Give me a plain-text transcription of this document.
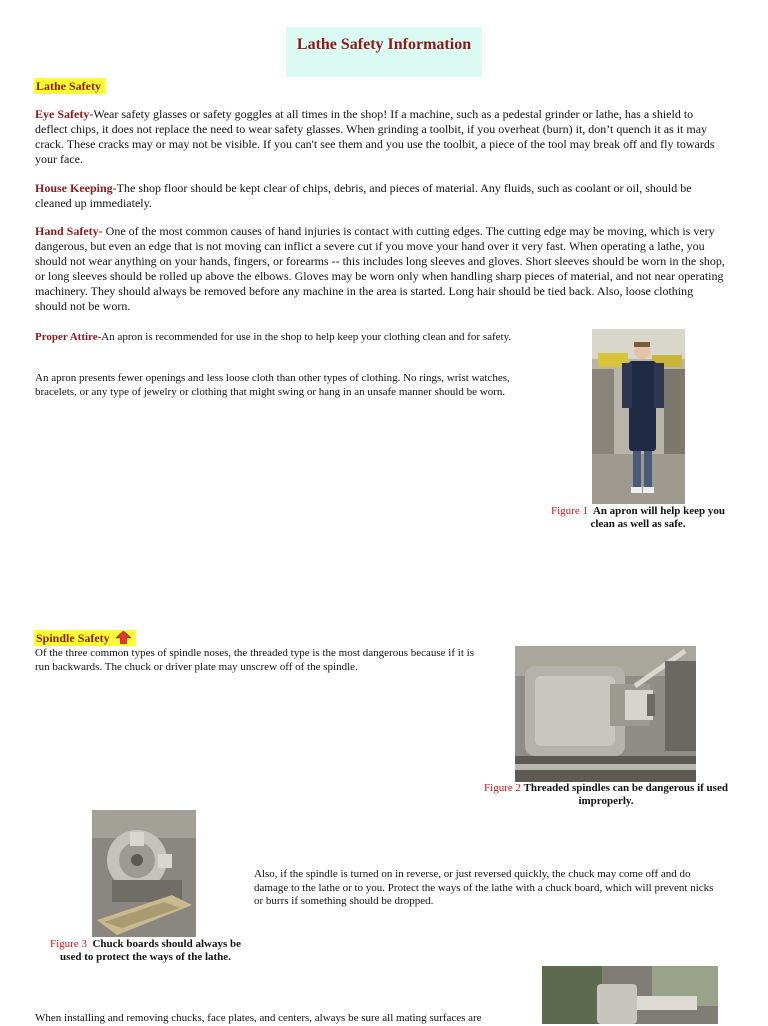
Lathe Safety Information
Lathe Safety
Eye Safety-Wear safety glasses or safety goggles at all times in the shop! If a machine, such as a pedestal grinder or lathe, has a shield to deflect chips, it does not replace the need to wear safety glasses. When grinding a toolbit, if you overheat (burn) it, don’t quench it as it may crack. These cracks may or may not be visible. If you can't see them and you use the toolbit, a piece of the tool may break off and fly towards your face.
House Keeping-The shop floor should be kept clear of chips, debris, and pieces of material. Any fluids, such as coolant or oil, should be cleaned up immediately.
Hand Safety- One of the most common causes of hand injuries is contact with cutting edges. The cutting edge may be moving, which is very dangerous, but even an edge that is not moving can inflict a severe cut if you move your hand over it very fast. When operating a lathe, you should not wear anything on your hands, fingers, or forearms -- this includes long sleeves and gloves. Short sleeves should be worn in the shop, or long sleeves should be rolled up above the elbows. Gloves may be worn only when handling sharp pieces of material, and not near operating machinery. They should always be removed before any machine in the area is started. Long hair should be tied back. Also, loose clothing should not be worn.
Proper Attire-An apron is recommended for use in the shop to help keep your clothing clean and for safety.
An apron presents fewer openings and less loose cloth than other types of clothing. No rings, wrist watches, bracelets, or any type of jewelry or clothing that might swing or hang in an unsafe manner should be worn.
Figure 1 An apron will help keep you clean as well as safe.
Spindle Safety
Of the three common types of spindle noses, the threaded type is the most dangerous because if it is run backwards. The chuck or driver plate may unscrew off of the spindle.
Figure 2 Threaded spindles can be dangerous if used improperly.
Figure 3 Chuck boards should always be used to protect the ways of the lathe.
Also, if the spindle is turned on in reverse, or just reversed quickly, the chuck may come off and do damage to the lathe or to you. Protect the ways of the lathe with a chuck board, which will prevent nicks or burrs if something should be dropped.
When installing and removing chucks, face plates, and centers, always be sure all mating surfaces are
